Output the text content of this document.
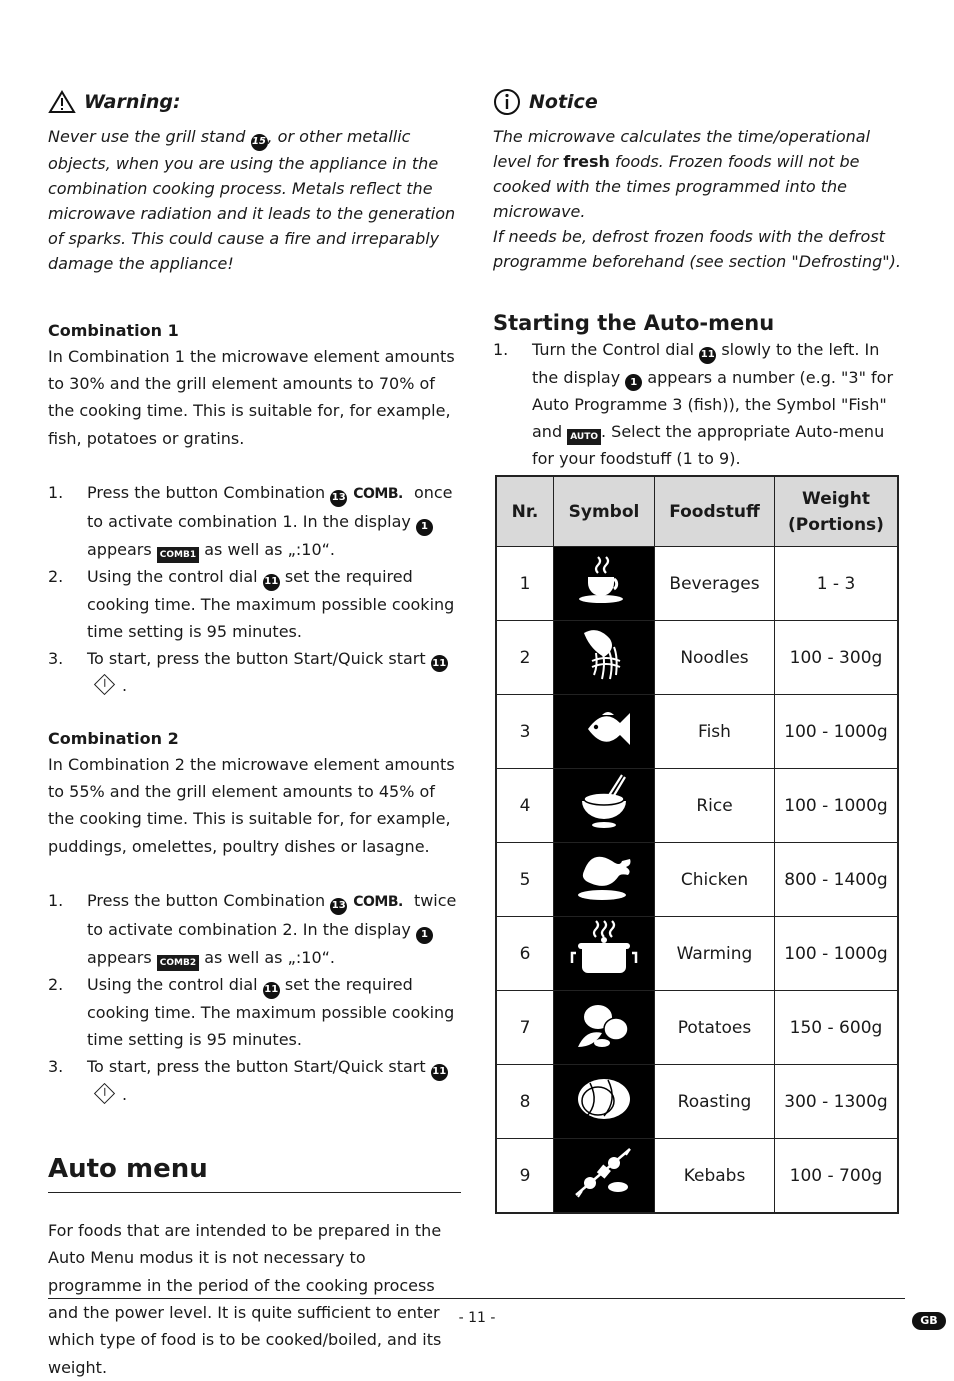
Warning:

Never use the grill stand 15, or other metallic objects, when you are using the appliance in the combination cooking process. Metals reflect the microwave radiation and it leads to the generation of sparks. This could cause a fire and irreparably damage the appliance!

Combination 1

In Combination 1 the microwave element amounts to 30% and the grill element amounts to 70% of the cooking time. This is suitable for, for example, fish, potatoes or gratins.

1. Press the button Combination 13 COMB. once to activate combination 1. In the display 1 appears COMB1 as well as „:10“.
2. Using the control dial 11 set the required cooking time. The maximum possible cooking time setting is 95 minutes.
3. To start, press the button Start/Quick start 11 .
Combination 2

In Combination 2 the microwave element amounts to 55% and the grill element amounts to 45% of the cooking time. This is suitable for, for example, puddings, omelettes, poultry dishes or lasagne.

1. Press the button Combination 13 COMB. twice to activate combination 2. In the display 1 appears COMB2 as well as „:10“.
2. Using the control dial 11 set the required cooking time. The maximum possible cooking time setting is 95 minutes.
3. To start, press the button Start/Quick start 11
.
Auto menu

For foods that are intended to be prepared in the Auto Menu modus it is not necessary to programme in the period of the cooking process and the power level. It is quite sufficient to enter which type of food is to be cooked/boiled, and its weight.

Notice

The microwave calculates the time/operational level for fresh foods. Frozen foods will not be cooked with the times programmed into the microwave.
If needs be, defrost frozen foods with the defrost programme beforehand (see section "Defrosting").

Starting the Auto-menu
1. Turn the Control dial 11 slowly to the left. In the display 1 appears a number (e.g. "3" for Auto Programme 3 (fish)), the Symbol "Fish" and AUTO . Select the appropriate Auto-menu for your foodstuff (1 to 9).
Nr.	Symbol	Foodstuff	Weight (Portions)
1		Beverages	1 - 3
2		Noodles	100 - 300g
3		Fish	100 - 1000g
4		Rice	100 - 1000g
5		Chicken	800 - 1400g
6		Warming	100 - 1000g
7		Potatoes	150 - 600g
8		Roasting	300 - 1300g
9		Kebabs	100 - 700g
- 11 -	GB
